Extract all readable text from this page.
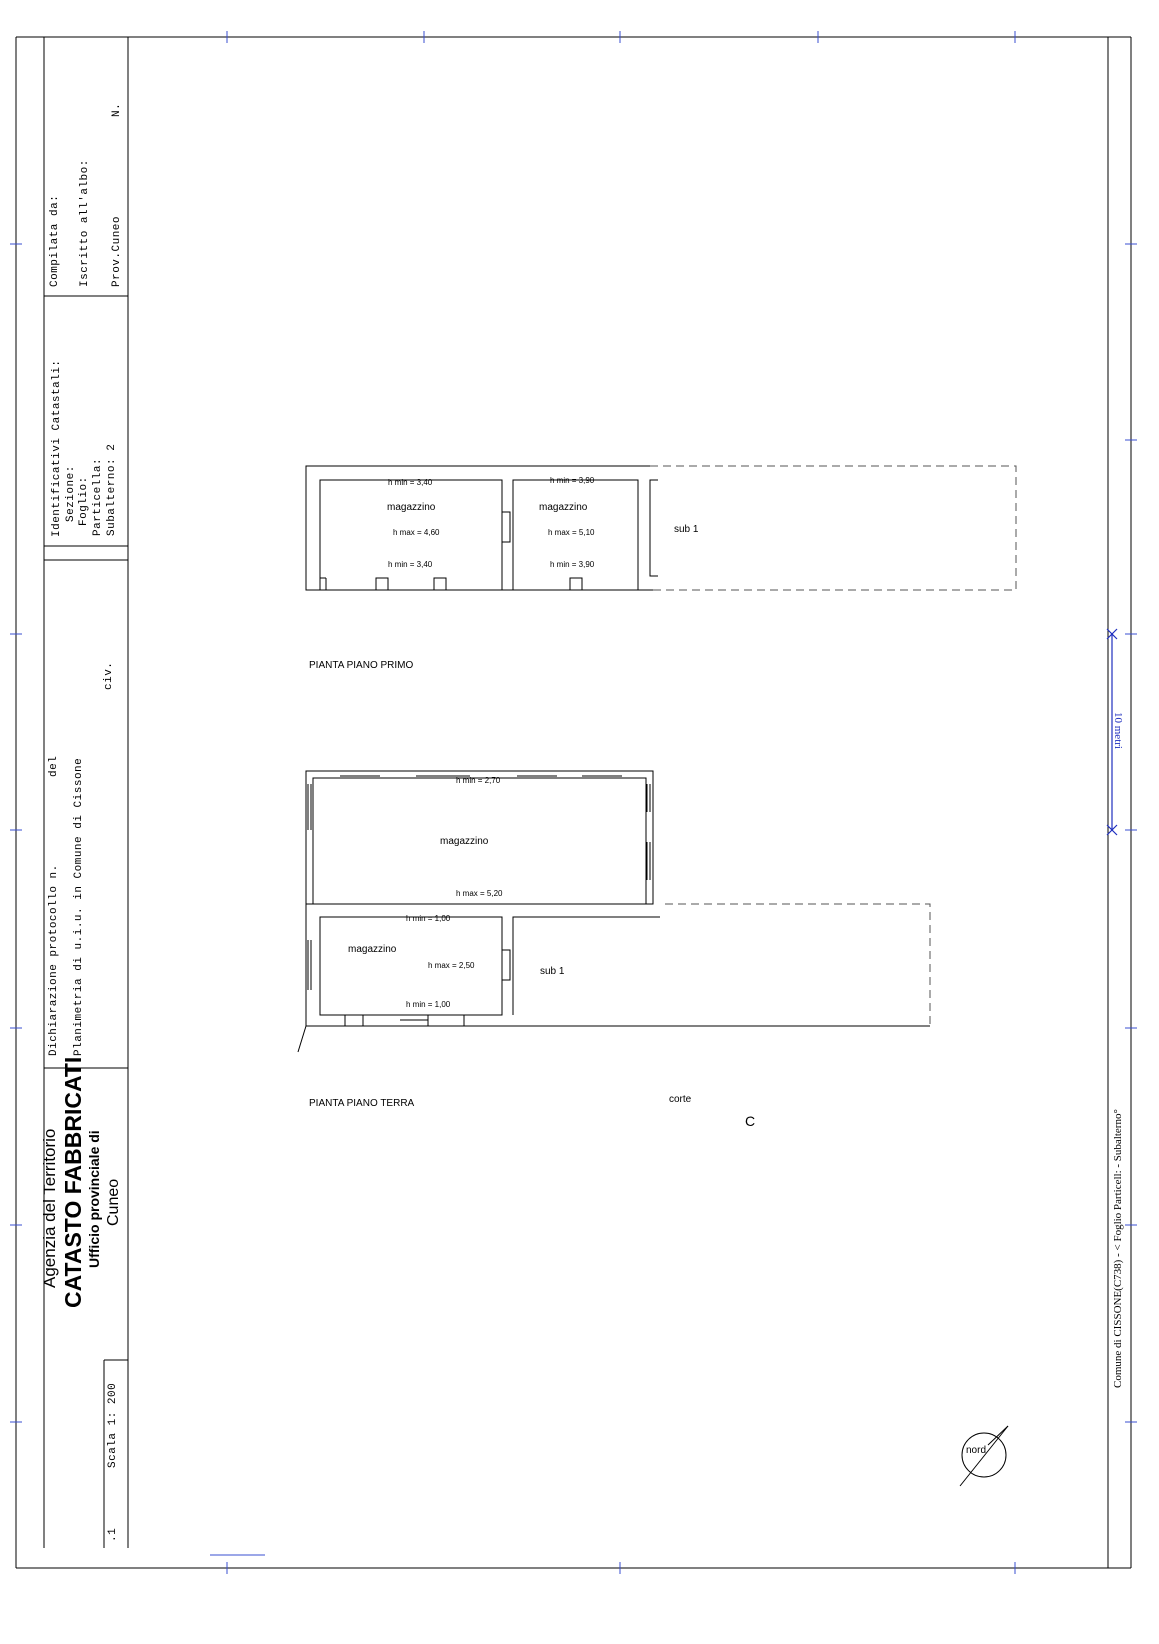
Agenzia del Territorio CATASTO FABBRICATI Ufficio provinciale di Cuneo
Dichiarazione protocollo n.
del Planimetria di u.i.u. in Comune di Cissone
civ.
Identificativi Catastali: Sezione: Foglio: Particella: Subalterno: 2
Compilata da: Iscritto all'albo: Prov.Cuneo
N.
Scala 1: 200
.1
Comune di CISSONE(C738) - < Foglio Particell: - Subalterno°
10 metri
h min = 3,40
magazzino
h max = 4,60
h min = 3,40
h min = 3,90
magazzino
h max = 5,10
h min = 3,90
sub 1
PIANTA PIANO PRIMO
h min = 2,70
magazzino
h max = 5,20
h min = 1,00
magazzino
h max = 2,50
h min = 1,00
sub 1
PIANTA PIANO TERRA	corte
C
nord
